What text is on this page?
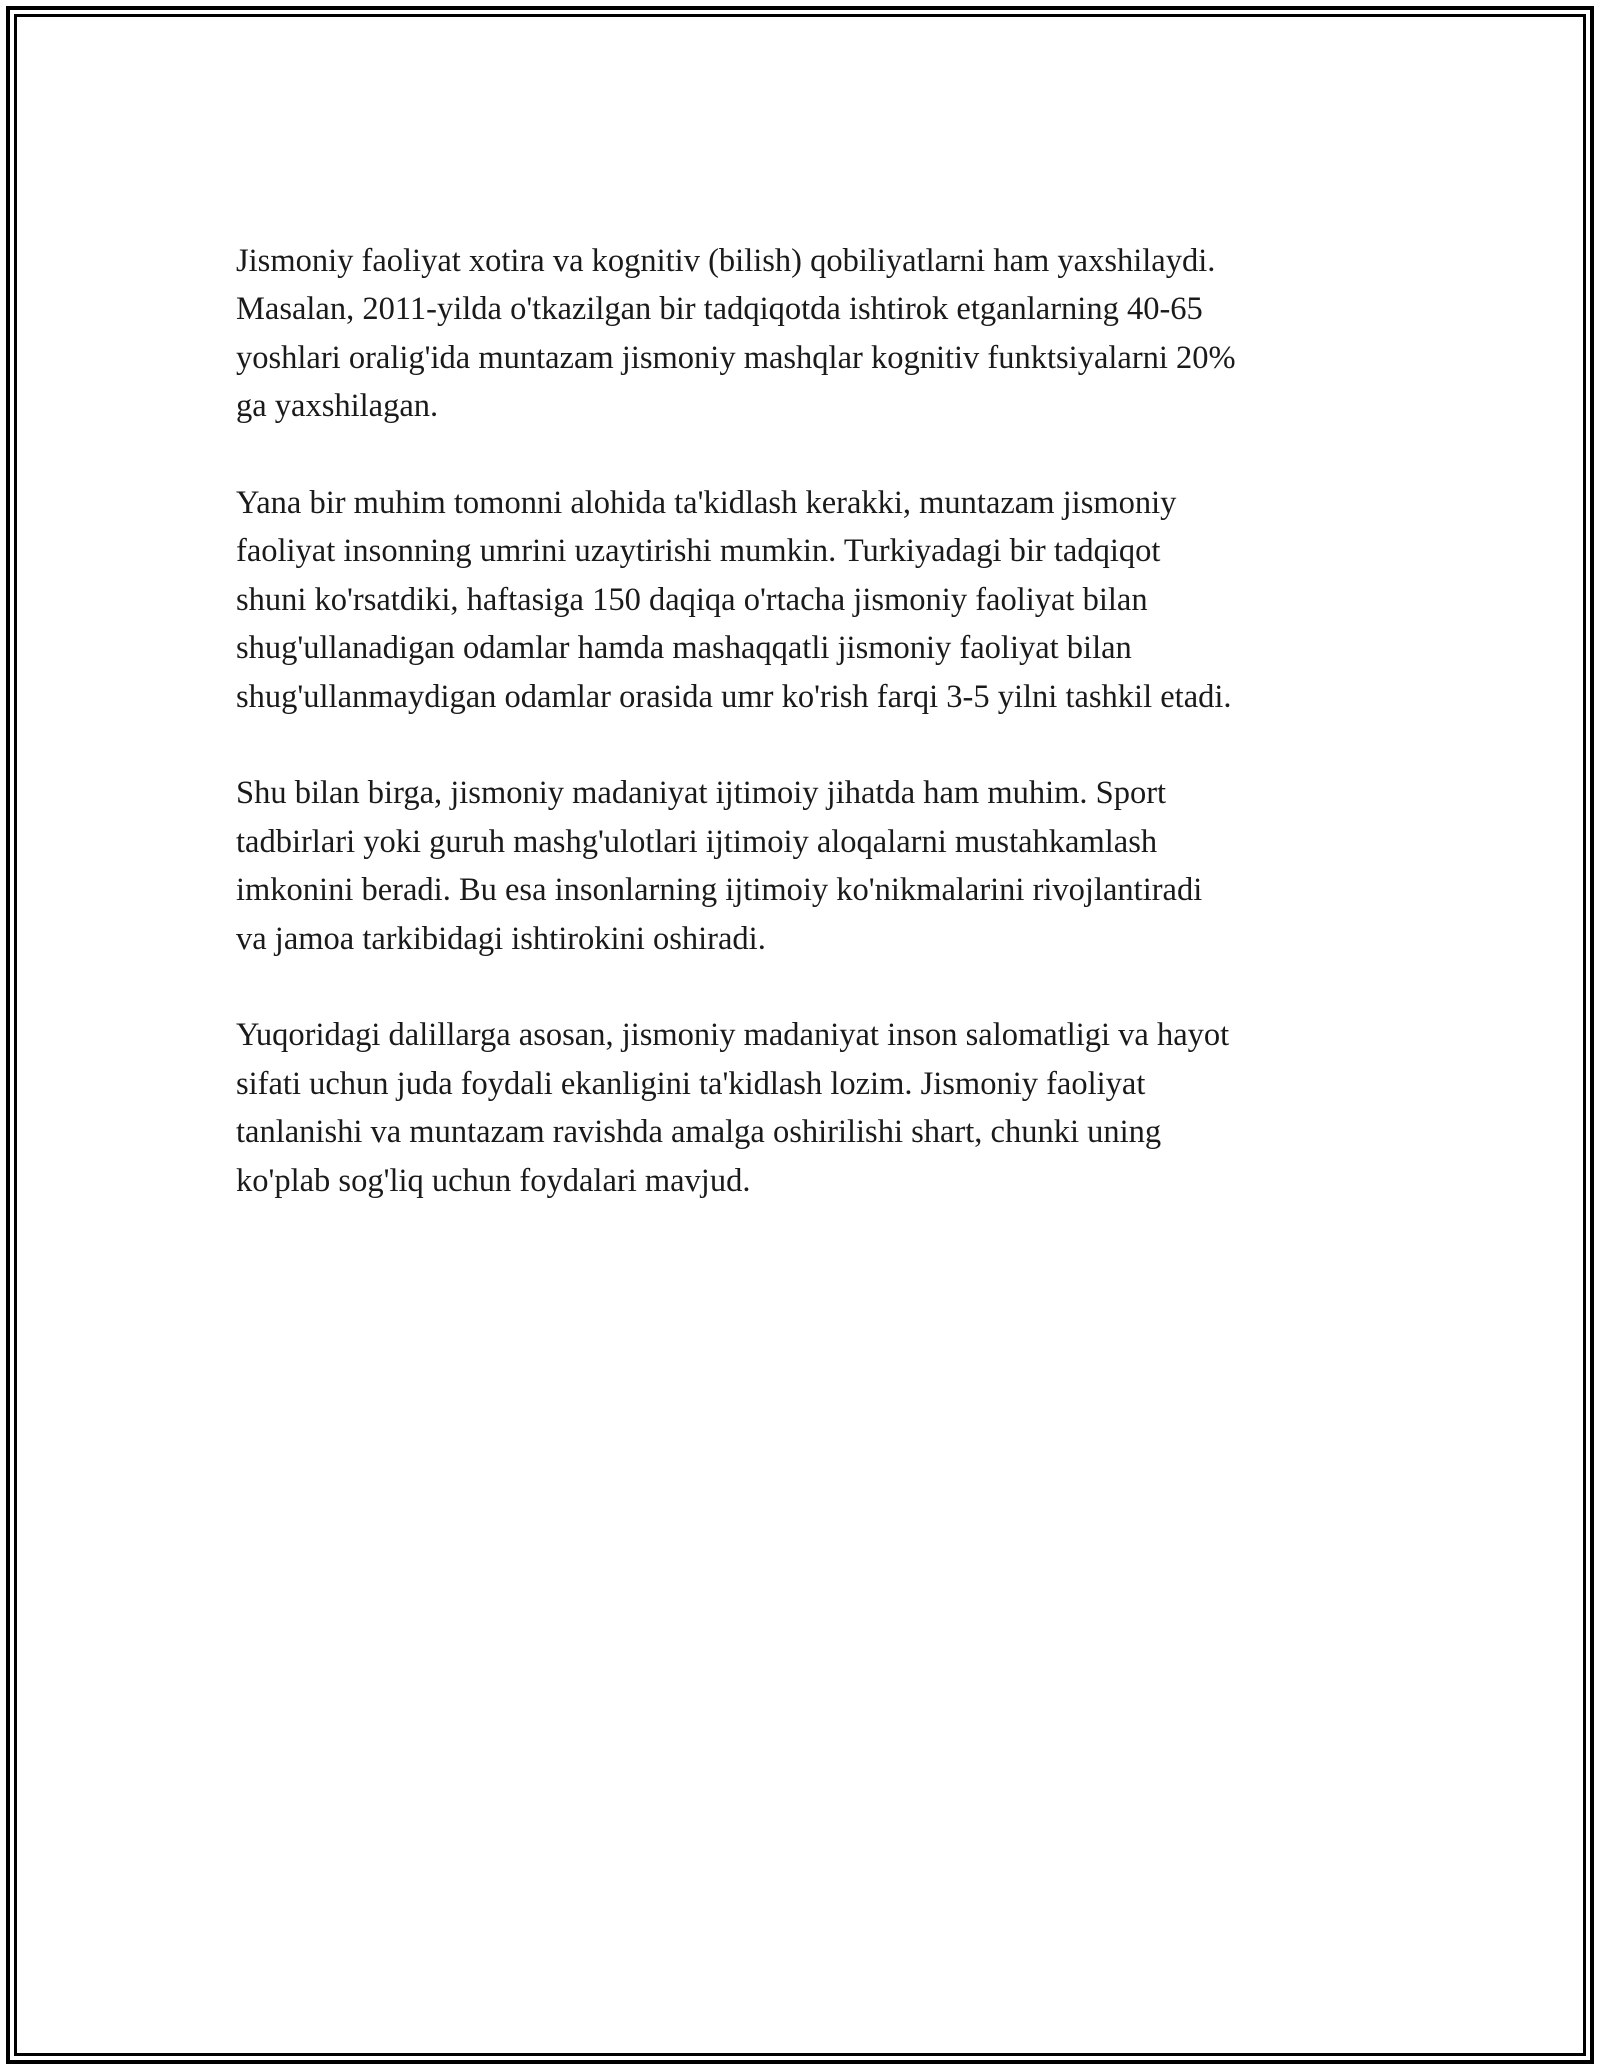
Jismoniy faoliyat xotira va kognitiv (bilish) qobiliyatlarni ham yaxshilaydi.
Masalan, 2011-yilda o'tkazilgan bir tadqiqotda ishtirok etganlarning 40-65
yoshlari oralig'ida muntazam jismoniy mashqlar kognitiv funktsiyalarni 20%
ga yaxshilagan.

Yana bir muhim tomonni alohida ta'kidlash kerakki, muntazam jismoniy
faoliyat insonning umrini uzaytirishi mumkin. Turkiyadagi bir tadqiqot
shuni ko'rsatdiki, haftasiga 150 daqiqa o'rtacha jismoniy faoliyat bilan
shug'ullanadigan odamlar hamda mashaqqatli jismoniy faoliyat bilan
shug'ullanmaydigan odamlar orasida umr ko'rish farqi 3-5 yilni tashkil etadi.

Shu bilan birga, jismoniy madaniyat ijtimoiy jihatda ham muhim. Sport
tadbirlari yoki guruh mashg'ulotlari ijtimoiy aloqalarni mustahkamlash
imkonini beradi. Bu esa insonlarning ijtimoiy ko'nikmalarini rivojlantiradi
va jamoa tarkibidagi ishtirokini oshiradi.

Yuqoridagi dalillarga asosan, jismoniy madaniyat inson salomatligi va hayot
sifati uchun juda foydali ekanligini ta'kidlash lozim. Jismoniy faoliyat
tanlanishi va muntazam ravishda amalga oshirilishi shart, chunki uning
ko'plab sog'liq uchun foydalari mavjud.
